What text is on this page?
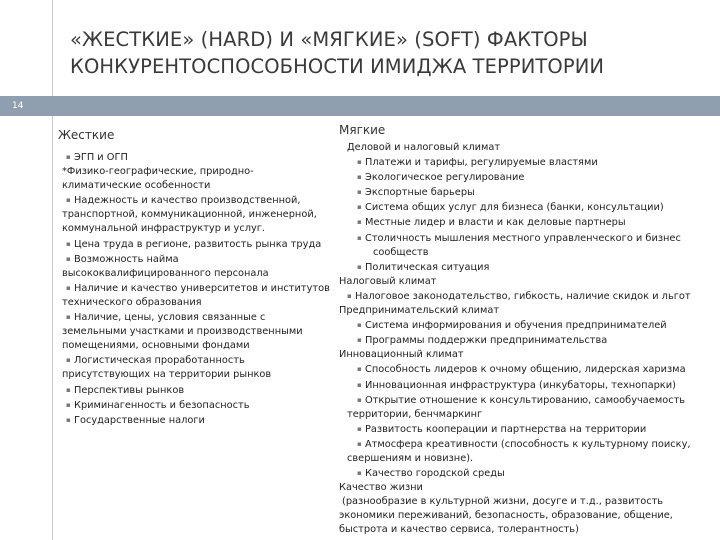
«ЖЕСТКИЕ» (HARD) И «МЯГКИЕ» (SOFT) ФАКТОРЫ
КОНКУРЕНТОСПОСОБНОСТИ ИМИДЖА ТЕРРИТОРИИ
14
Жесткие	Мягкие
▪ ЭГП и ОГП
*Физико-географические, природно-
климатические особенности
▪ Надежность и качество производственной,
транспортной, коммуникационной, инженерной,
коммунальной инфраструктур и услуг.
▪ Цена труда в регионе, развитость рынка труда
▪ Возможность найма
высококвалифицированного персонала
▪ Наличие и качество университетов и институтов
технического образования
▪ Наличие, цены, условия связанные с
земельными участками и производственными
помещениями, основными фондами
▪ Логистическая проработанность
присутствующих на территории рынков
▪ Перспективы рынков
▪ Криминагенность и безопасность
▪ Государственные налоги
Деловой и налоговый климат
▪ Платежи и тарифы, регулируемые властями
▪ Экологическое регулирование
▪ Экспортные барьеры
▪ Система общих услуг для бизнеса (банки, консультации)
▪ Местные лидер и власти и как деловые партнеры
▪ Столичность мышления местного управленческого и бизнес
сообществ
▪ Политическая ситуация
Налоговый климат
▪ Налоговое законодательство, гибкость, наличие скидок и льгот
Предпринимательский климат
▪ Система информирования и обучения предпринимателей
▪ Программы поддержки предпринимательства
Инновационный климат
▪ Способность лидеров к очному общению, лидерская харизма
▪ Инновационная инфраструктура (инкубаторы, технопарки)
▪ Открытие отношение к консультированию, самообучаемость
территории, бенчмаркинг
▪ Развитость кооперации и партнерства на территории
▪ Атмосфера креативности (способность к культурному поиску,
свершениям и новизне).
▪ Качество городской среды
Качество жизни
(разнообразие в культурной жизни, досуге и т.д., развитость
экономики переживаний, безопасность, образование, общение,
быстрота и качество сервиса, толерантность)
